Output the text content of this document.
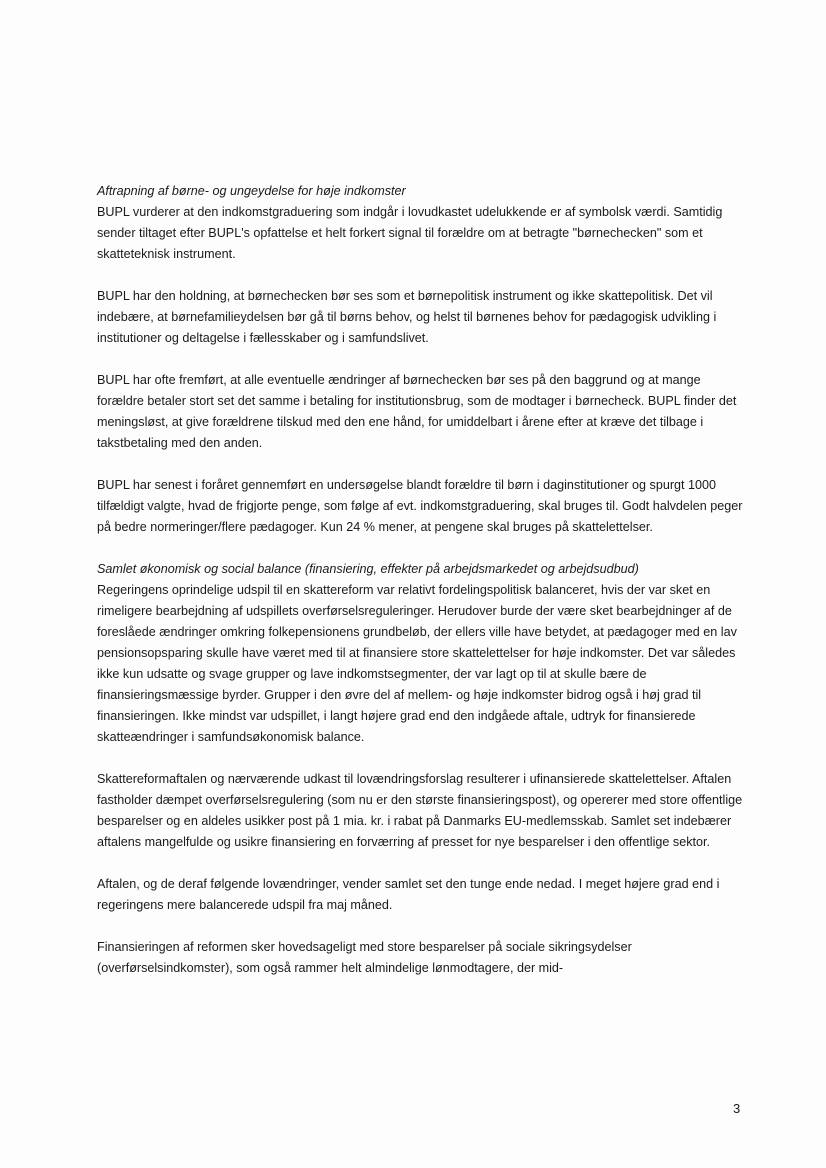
Aftrapning af børne- og ungeydelse for høje indkomster

BUPL vurderer at den indkomstgraduering som indgår i lovudkastet udelukkende er af symbolsk værdi. Samtidig sender tiltaget efter BUPL's opfattelse et helt forkert signal til forældre om at betragte "børnechecken" som et skatteteknisk instrument.

BUPL har den holdning, at børnechecken bør ses som et børnepolitisk instrument og ikke skattepolitisk. Det vil indebære, at børnefamilieydelsen bør gå til børns behov, og helst til børnenes behov for pædagogisk udvikling i institutioner og deltagelse i fællesskaber og i samfundslivet.

BUPL har ofte fremført, at alle eventuelle ændringer af børnechecken bør ses på den baggrund og at mange forældre betaler stort set det samme i betaling for institutionsbrug, som de modtager i børnecheck. BUPL finder det meningsløst, at give forældrene tilskud med den ene hånd, for umiddelbart i årene efter at kræve det tilbage i takstbetaling med den anden.

BUPL har senest i foråret gennemført en undersøgelse blandt forældre til børn i daginstitutioner og spurgt 1000 tilfældigt valgte, hvad de frigjorte penge, som følge af evt. indkomstgraduering, skal bruges til. Godt halvdelen peger på bedre normeringer/flere pædagoger. Kun 24 % mener, at pengene skal bruges på skattelettelser.

Samlet økonomisk og social balance (finansiering, effekter på arbejdsmarkedet og arbejdsudbud)

Regeringens oprindelige udspil til en skattereform var relativt fordelingspolitisk balanceret, hvis der var sket en rimeligere bearbejdning af udspillets overførselsreguleringer. Herudover burde der være sket bearbejdninger af de foreslåede ændringer omkring folkepensionens grundbeløb, der ellers ville have betydet, at pædagoger med en lav pensionsopsparing skulle have været med til at finansiere store skattelettelser for høje indkomster. Det var således ikke kun udsatte og svage grupper og lave indkomstsegmenter, der var lagt op til at skulle bære de finansieringsmæssige byrder. Grupper i den øvre del af mellem- og høje indkomster bidrog også i høj grad til finansieringen. Ikke mindst var udspillet, i langt højere grad end den indgåede aftale, udtryk for finansierede skatteændringer i samfundsøkonomisk balance.

Skattereformaftalen og nærværende udkast til lovændringsforslag resulterer i ufinansierede skattelettelser. Aftalen fastholder dæmpet overførselsregulering (som nu er den største finansieringspost), og opererer med store offentlige besparelser og en aldeles usikker post på 1 mia. kr. i rabat på Danmarks EU-medlemsskab. Samlet set indebærer aftalens mangelfulde og usikre finansiering en forværring af presset for nye besparelser i den offentlige sektor.

Aftalen, og de deraf følgende lovændringer, vender samlet set den tunge ende nedad. I meget højere grad end i regeringens mere balancerede udspil fra maj måned.

Finansieringen af reformen sker hovedsageligt med store besparelser på sociale sikringsydelser (overførselsindkomster), som også rammer helt almindelige lønmodtagere, der mid-

3
